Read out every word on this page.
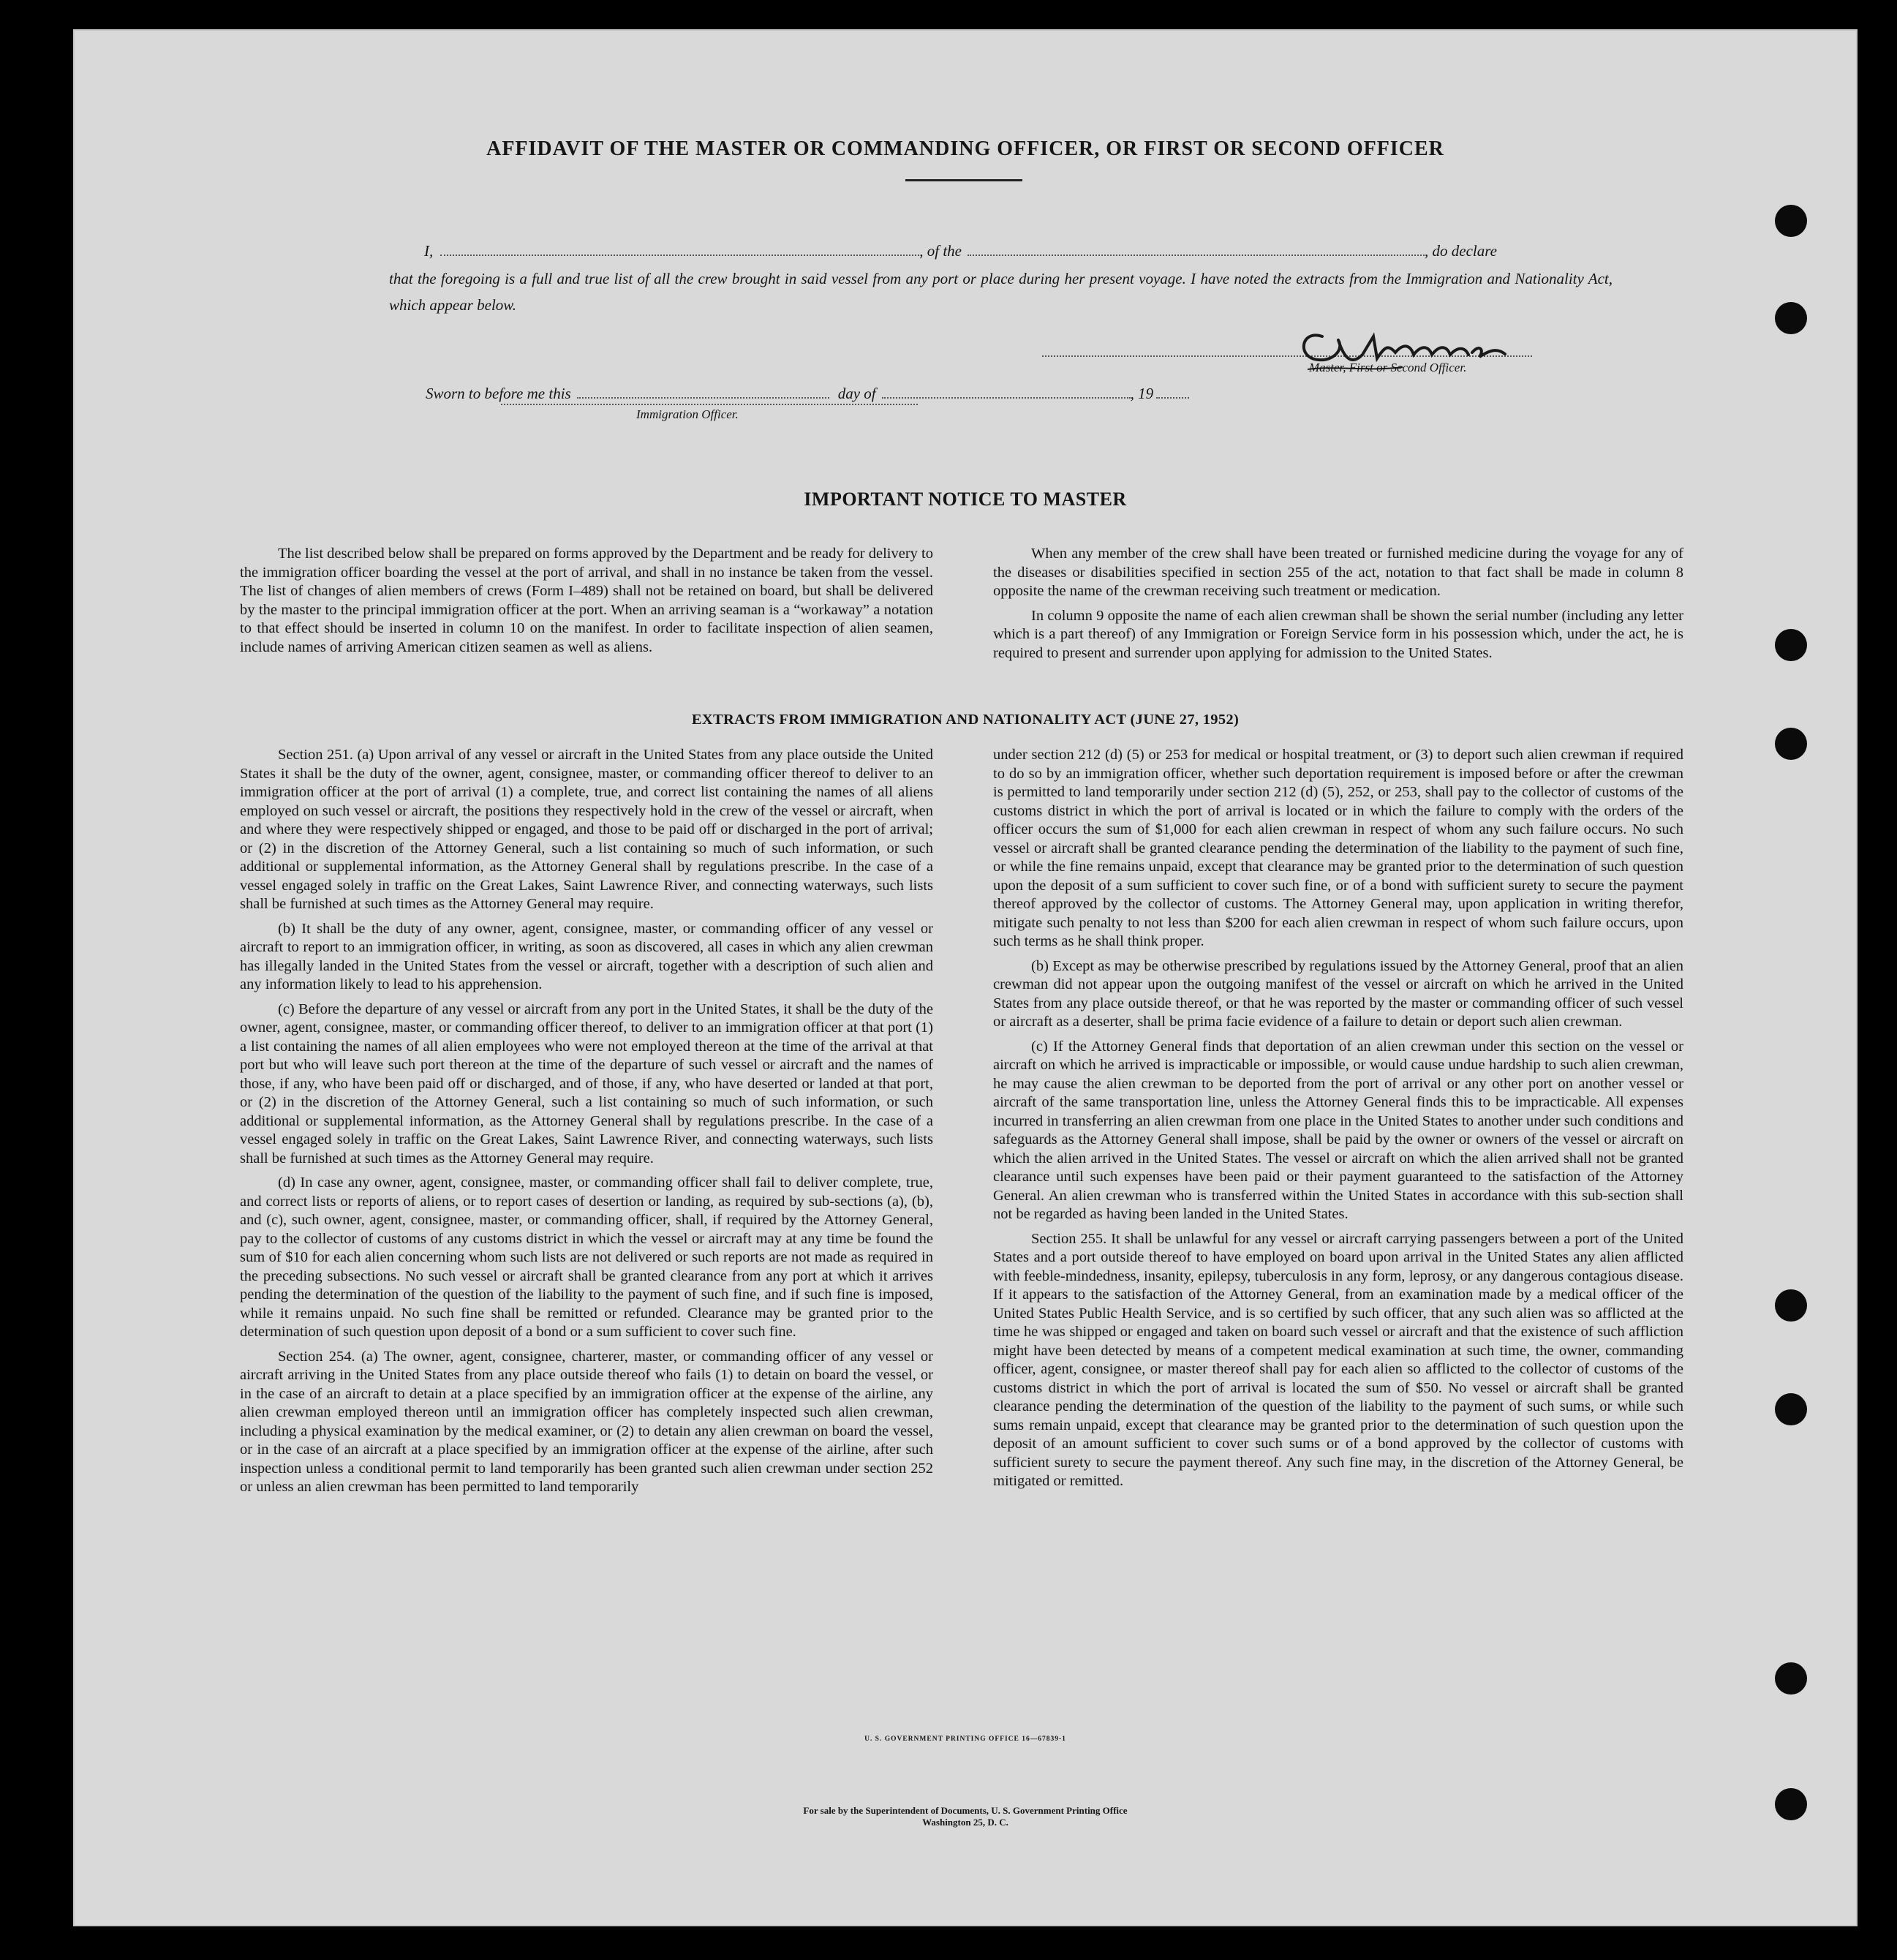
AFFIDAVIT OF THE MASTER OR COMMANDING OFFICER, OR FIRST OR SECOND OFFICER
I,	, of the	, do declare
that the foregoing is a full and true list of all the crew brought in said vessel from any port or place during her present voyage. I have noted the extracts from the Immigration and Nationality Act, which appear below.
Master, First or Second Officer.
Sworn to before me this	day of	, 19
Immigration Officer.
IMPORTANT NOTICE TO MASTER

The list described below shall be prepared on forms approved by the Department and be ready for delivery to the immigration officer boarding the vessel at the port of arrival, and shall in no instance be taken from the vessel. The list of changes of alien members of crews (Form I–489) shall not be retained on board, but shall be delivered by the master to the principal immigration officer at the port. When an arriving seaman is a “workaway” a notation to that effect should be inserted in column 10 on the manifest. In order to facilitate inspection of alien seamen, include names of arriving American citizen seamen as well as aliens.

When any member of the crew shall have been treated or furnished medicine during the voyage for any of the diseases or disabilities specified in section 255 of the act, notation to that fact shall be made in column 8 opposite the name of the crewman receiving such treatment or medication.

In column 9 opposite the name of each alien crewman shall be shown the serial number (including any letter which is a part thereof) of any Immigration or Foreign Service form in his possession which, under the act, he is required to present and surrender upon applying for admission to the United States.

EXTRACTS FROM IMMIGRATION AND NATIONALITY ACT (JUNE 27, 1952)

Section 251. (a) Upon arrival of any vessel or aircraft in the United States from any place outside the United States it shall be the duty of the owner, agent, consignee, master, or commanding officer thereof to deliver to an immigration officer at the port of arrival (1) a complete, true, and correct list containing the names of all aliens employed on such vessel or aircraft, the positions they respectively hold in the crew of the vessel or aircraft, when and where they were respectively shipped or engaged, and those to be paid off or discharged in the port of arrival; or (2) in the discretion of the Attorney General, such a list containing so much of such information, or such additional or supplemental information, as the Attorney General shall by regulations prescribe. In the case of a vessel engaged solely in traffic on the Great Lakes, Saint Lawrence River, and connecting waterways, such lists shall be furnished at such times as the Attorney General may require.

(b) It shall be the duty of any owner, agent, consignee, master, or commanding officer of any vessel or aircraft to report to an immigration officer, in writing, as soon as discovered, all cases in which any alien crewman has illegally landed in the United States from the vessel or aircraft, together with a description of such alien and any information likely to lead to his apprehension.

(c) Before the departure of any vessel or aircraft from any port in the United States, it shall be the duty of the owner, agent, consignee, master, or commanding officer thereof, to deliver to an immigration officer at that port (1) a list containing the names of all alien employees who were not employed thereon at the time of the arrival at that port but who will leave such port thereon at the time of the departure of such vessel or aircraft and the names of those, if any, who have been paid off or discharged, and of those, if any, who have deserted or landed at that port, or (2) in the discretion of the Attorney General, such a list containing so much of such information, or such additional or supplemental information, as the Attorney General shall by regulations prescribe. In the case of a vessel engaged solely in traffic on the Great Lakes, Saint Lawrence River, and connecting waterways, such lists shall be furnished at such times as the Attorney General may require.

(d) In case any owner, agent, consignee, master, or commanding officer shall fail to deliver complete, true, and correct lists or reports of aliens, or to report cases of desertion or landing, as required by sub-sections (a), (b), and (c), such owner, agent, consignee, master, or commanding officer, shall, if required by the Attorney General, pay to the collector of customs of any customs district in which the vessel or aircraft may at any time be found the sum of $10 for each alien concerning whom such lists are not delivered or such reports are not made as required in the preceding subsections. No such vessel or aircraft shall be granted clearance from any port at which it arrives pending the determination of the question of the liability to the payment of such fine, and if such fine is imposed, while it remains unpaid. No such fine shall be remitted or refunded. Clearance may be granted prior to the determination of such question upon deposit of a bond or a sum sufficient to cover such fine.

Section 254. (a) The owner, agent, consignee, charterer, master, or commanding officer of any vessel or aircraft arriving in the United States from any place outside thereof who fails (1) to detain on board the vessel, or in the case of an aircraft to detain at a place specified by an immigration officer at the expense of the airline, any alien crewman employed thereon until an immigration officer has completely inspected such alien crewman, including a physical examination by the medical examiner, or (2) to detain any alien crewman on board the vessel, or in the case of an aircraft at a place specified by an immigration officer at the expense of the airline, after such inspection unless a conditional permit to land temporarily has been granted such alien crewman under section 252 or unless an alien crewman has been permitted to land temporarily

under section 212 (d) (5) or 253 for medical or hospital treatment, or (3) to deport such alien crewman if required to do so by an immigration officer, whether such deportation requirement is imposed before or after the crewman is permitted to land temporarily under section 212 (d) (5), 252, or 253, shall pay to the collector of customs of the customs district in which the port of arrival is located or in which the failure to comply with the orders of the officer occurs the sum of $1,000 for each alien crewman in respect of whom any such failure occurs. No such vessel or aircraft shall be granted clearance pending the determination of the liability to the payment of such fine, or while the fine remains unpaid, except that clearance may be granted prior to the determination of such question upon the deposit of a sum sufficient to cover such fine, or of a bond with sufficient surety to secure the payment thereof approved by the collector of customs. The Attorney General may, upon application in writing therefor, mitigate such penalty to not less than $200 for each alien crewman in respect of whom such failure occurs, upon such terms as he shall think proper.

(b) Except as may be otherwise prescribed by regulations issued by the Attorney General, proof that an alien crewman did not appear upon the outgoing manifest of the vessel or aircraft on which he arrived in the United States from any place outside thereof, or that he was reported by the master or commanding officer of such vessel or aircraft as a deserter, shall be prima facie evidence of a failure to detain or deport such alien crewman.

(c) If the Attorney General finds that deportation of an alien crewman under this section on the vessel or aircraft on which he arrived is impracticable or impossible, or would cause undue hardship to such alien crewman, he may cause the alien crewman to be deported from the port of arrival or any other port on another vessel or aircraft of the same transportation line, unless the Attorney General finds this to be impracticable. All expenses incurred in transferring an alien crewman from one place in the United States to another under such conditions and safeguards as the Attorney General shall impose, shall be paid by the owner or owners of the vessel or aircraft on which the alien arrived in the United States. The vessel or aircraft on which the alien arrived shall not be granted clearance until such expenses have been paid or their payment guaranteed to the satisfaction of the Attorney General. An alien crewman who is transferred within the United States in accordance with this sub-section shall not be regarded as having been landed in the United States.

Section 255. It shall be unlawful for any vessel or aircraft carrying passengers between a port of the United States and a port outside thereof to have employed on board upon arrival in the United States any alien afflicted with feeble-mindedness, insanity, epilepsy, tuberculosis in any form, leprosy, or any dangerous contagious disease. If it appears to the satisfaction of the Attorney General, from an examination made by a medical officer of the United States Public Health Service, and is so certified by such officer, that any such alien was so afflicted at the time he was shipped or engaged and taken on board such vessel or aircraft and that the existence of such affliction might have been detected by means of a competent medical examination at such time, the owner, commanding officer, agent, consignee, or master thereof shall pay for each alien so afflicted to the collector of customs of the customs district in which the port of arrival is located the sum of $50. No vessel or aircraft shall be granted clearance pending the determination of the question of the liability to the payment of such sums, or while such sums remain unpaid, except that clearance may be granted prior to the determination of such question upon the deposit of an amount sufficient to cover such sums or of a bond approved by the collector of customs with sufficient surety to secure the payment thereof. Any such fine may, in the discretion of the Attorney General, be mitigated or remitted.

U. S. GOVERNMENT PRINTING OFFICE 16—67839-1
For sale by the Superintendent of Documents, U. S. Government Printing Office
Washington 25, D. C.
